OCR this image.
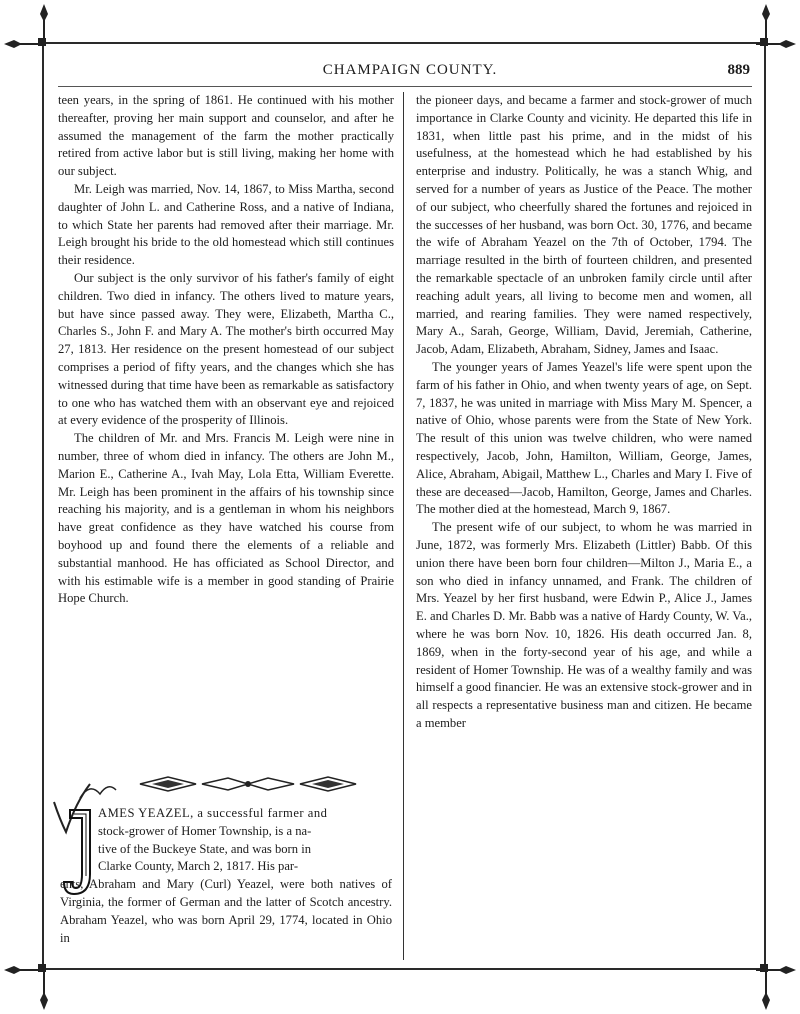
CHAMPAIGN COUNTY.	889

teen years, in the spring of 1861. He continued with his mother thereafter, proving her main support and counselor, and after he assumed the management of the farm the mother practically retired from active labor but is still living, making her home with our subject.

Mr. Leigh was married, Nov. 14, 1867, to Miss Martha, second daughter of John L. and Catherine Ross, and a native of Indiana, to which State her parents had removed after their marriage. Mr. Leigh brought his bride to the old homestead which still continues their residence.

Our subject is the only survivor of his father's family of eight children. Two died in infancy. The others lived to mature years, but have since passed away. They were, Elizabeth, Martha C., Charles S., John F. and Mary A. The mother's birth occurred May 27, 1813. Her residence on the present homestead of our subject comprises a period of fifty years, and the changes which she has witnessed during that time have been as remarkable as satisfactory to one who has watched them with an observant eye and rejoiced at every evidence of the prosperity of Illinois.

The children of Mr. and Mrs. Francis M. Leigh were nine in number, three of whom died in infancy. The others are John M., Marion E., Catherine A., Ivah May, Lola Etta, William Everette. Mr. Leigh has been prominent in the affairs of his township since reaching his majority, and is a gentleman in whom his neighbors have great confidence as they have watched his course from boyhood up and found there the elements of a reliable and substantial manhood. He has officiated as School Director, and with his estimable wife is a member in good standing of Prairie Hope Church.

AMES YEAZEL, a successful farmer and
stock-grower of Homer Township, is a na-
tive of the Buckeye State, and was born in
Clarke County, March 2, 1817. His par-
ents, Abraham and Mary (Curl) Yeazel, were both natives of Virginia, the former of German and the latter of Scotch ancestry. Abraham Yeazel, who was born April 29, 1774, located in Ohio in

the pioneer days, and became a farmer and stock-grower of much importance in Clarke County and vicinity. He departed this life in 1831, when little past his prime, and in the midst of his usefulness, at the homestead which he had established by his enterprise and industry. Politically, he was a stanch Whig, and served for a number of years as Justice of the Peace. The mother of our subject, who cheerfully shared the fortunes and rejoiced in the successes of her husband, was born Oct. 30, 1776, and became the wife of Abraham Yeazel on the 7th of October, 1794. The marriage resulted in the birth of fourteen children, and presented the remarkable spectacle of an unbroken family circle until after reaching adult years, all living to become men and women, all married, and rearing families. They were named respectively, Mary A., Sarah, George, William, David, Jeremiah, Catherine, Jacob, Adam, Elizabeth, Abraham, Sidney, James and Isaac.

The younger years of James Yeazel's life were spent upon the farm of his father in Ohio, and when twenty years of age, on Sept. 7, 1837, he was united in marriage with Miss Mary M. Spencer, a native of Ohio, whose parents were from the State of New York. The result of this union was twelve children, who were named respectively, Jacob, John, Hamilton, William, George, James, Alice, Abraham, Abigail, Matthew L., Charles and Mary I. Five of these are deceased—Jacob, Hamilton, George, James and Charles. The mother died at the homestead, March 9, 1867.

The present wife of our subject, to whom he was married in June, 1872, was formerly Mrs. Elizabeth (Littler) Babb. Of this union there have been born four children—Milton J., Maria E., a son who died in infancy unnamed, and Frank. The children of Mrs. Yeazel by her first husband, were Edwin P., Alice J., James E. and Charles D. Mr. Babb was a native of Hardy County, W. Va., where he was born Nov. 10, 1826. His death occurred Jan. 8, 1869, when in the forty-second year of his age, and while a resident of Homer Township. He was of a wealthy family and was himself a good financier. He was an extensive stock-grower and in all respects a representative business man and citizen. He became a member
